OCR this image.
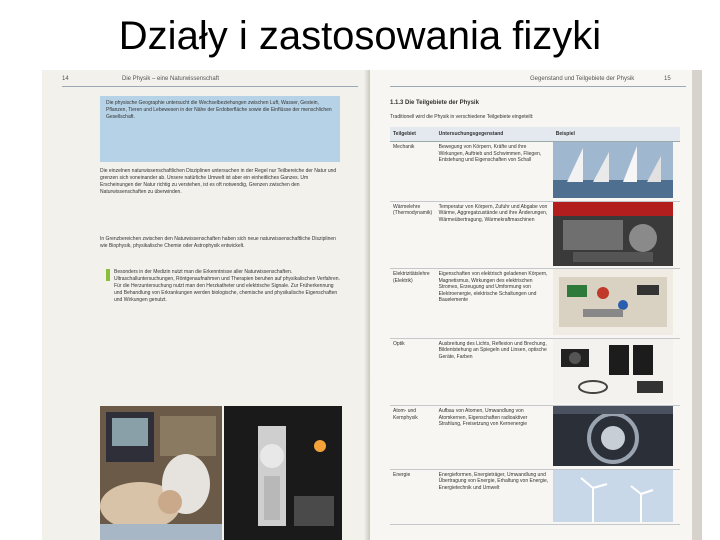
Działy i zastosowania fizyki
14	Die Physik – eine Naturwissenschaft
Die physische Geographie untersucht die Wechselbeziehungen zwischen Luft, Wasser, Gestein, Pflanzen, Tieren und Lebewesen in der Nähe der Erdoberfläche sowie die Einflüsse der menschlichen Gesellschaft.
Die einzelnen naturwissenschaftlichen Disziplinen untersuchen in der Regel nur Teilbereiche der Natur und grenzen sich voneinander ab. Unsere natürliche Umwelt ist aber ein einheitliches Ganzes. Um Erscheinungen der Natur richtig zu verstehen, ist es oft notwendig, Grenzen zwischen den Naturwissenschaften zu überwinden.
In Grenzbereichen zwischen den Naturwissenschaften haben sich neue naturwissenschaftliche Disziplinen wie Biophysik, physikalische Chemie oder Astrophysik entwickelt.
Besonders in der Medizin nutzt man die Erkenntnisse aller Naturwissenschaften. Ultraschalluntersuchungen, Röntgenaufnahmen und Therapien beruhen auf physikalischen Verfahren. Für die Herzuntersuchung nutzt man den Herzkatheter und elektrische Signale. Zur Früherkennung und Behandlung von Erkrankungen werden biologische, chemische und physikalische Eigenschaften und Wirkungen genutzt.
Gegenstand und Teilgebiete der Physik	15
1.1.3 Die Teilgebiete der Physik
Traditionell wird die Physik in verschiedene Teilgebiete eingeteilt:
Teilgebiet	Untersuchungsgegenstand	Beispiel
Mechanik	Bewegung von Körpern, Kräfte und ihre Wirkungen, Auftrieb und Schwimmen, Fliegen, Entstehung und Eigenschaften von Schall	
Wärmelehre (Thermodynamik)	Temperatur von Körpern, Zufuhr und Abgabe von Wärme, Aggregatzustände und ihre Änderungen, Wärmeübertragung, Wärmekraftmaschinen	
Elektrizitätslehre (Elektrik)	Eigenschaften von elektrisch geladenen Körpern, Magnetismus, Wirkungen des elektrischen Stromes, Erzeugung und Umformung von Elektroenergie, elektrische Schaltungen und Bauelemente	
Optik	Ausbreitung des Lichts, Reflexion und Brechung, Bildentstehung an Spiegeln und Linsen, optische Geräte, Farben	
Atom- und Kernphysik	Aufbau von Atomen, Umwandlung von Atomkernen, Eigenschaften radioaktiver Strahlung, Freisetzung von Kernenergie	
Energie	Energieformen, Energieträger, Umwandlung und Übertragung von Energie, Erhaltung von Energie, Energietechnik und Umwelt	
